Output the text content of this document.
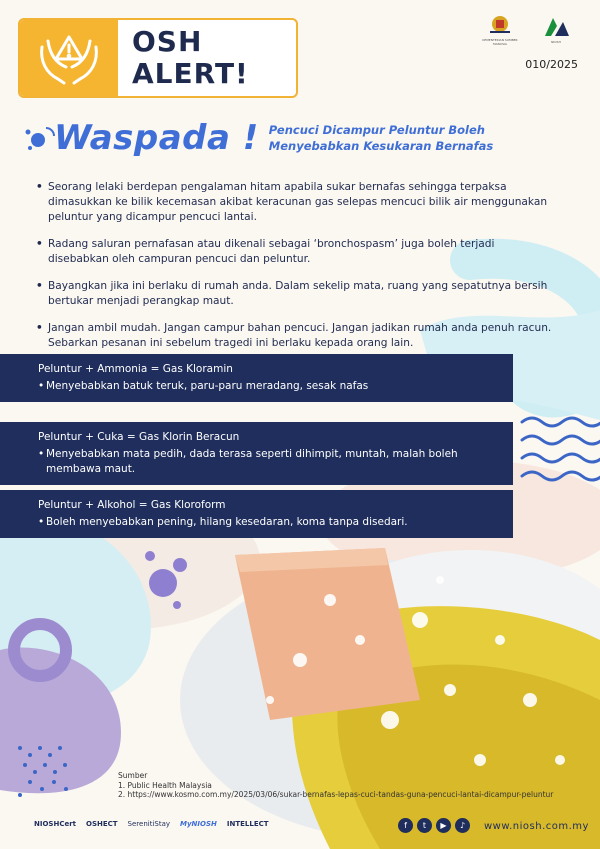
OSH
ALERT!
KEMENTERIAN SUMBER MANUSIA	NIOSH
010/2025
Waspada ! Pencuci Dicampur Peluntur Boleh
Menyebabkan Kesukaran Bernafas
• Seorang lelaki berdepan pengalaman hitam apabila sukar bernafas sehingga terpaksa dimasukkan ke bilik kecemasan akibat keracunan gas selepas mencuci bilik air menggunakan peluntur yang dicampur pencuci lantai.
• Radang saluran pernafasan atau dikenali sebagai ‘bronchospasm’ juga boleh terjadi disebabkan oleh campuran pencuci dan peluntur.
• Bayangkan jika ini berlaku di rumah anda. Dalam sekelip mata, ruang yang sepatutnya bersih bertukar menjadi perangkap maut.
• Jangan ambil mudah. Jangan campur bahan pencuci. Jangan jadikan rumah anda penuh racun. Sebarkan pesanan ini sebelum tragedi ini berlaku kepada orang lain.
Peluntur + Ammonia = Gas Kloramin
• Menyebabkan batuk teruk, paru-paru meradang, sesak nafas
Peluntur + Cuka = Gas Klorin Beracun
• Menyebabkan mata pedih, dada terasa seperti dihimpit, muntah, malah boleh membawa maut.
Peluntur + Alkohol = Gas Kloroform
• Boleh menyebabkan pening, hilang kesedaran, koma tanpa disedari.
Sumber
1. Public Health Malaysia
2. https://www.kosmo.com.my/2025/03/06/sukar-bernafas-lepas-cuci-tandas-guna-pencuci-lantai-dicampur-peluntur
NIOSHCert OSHECT SerenitiStay MyNIOSH INTELLECT	f	t	▶	♪	www.niosh.com.my
